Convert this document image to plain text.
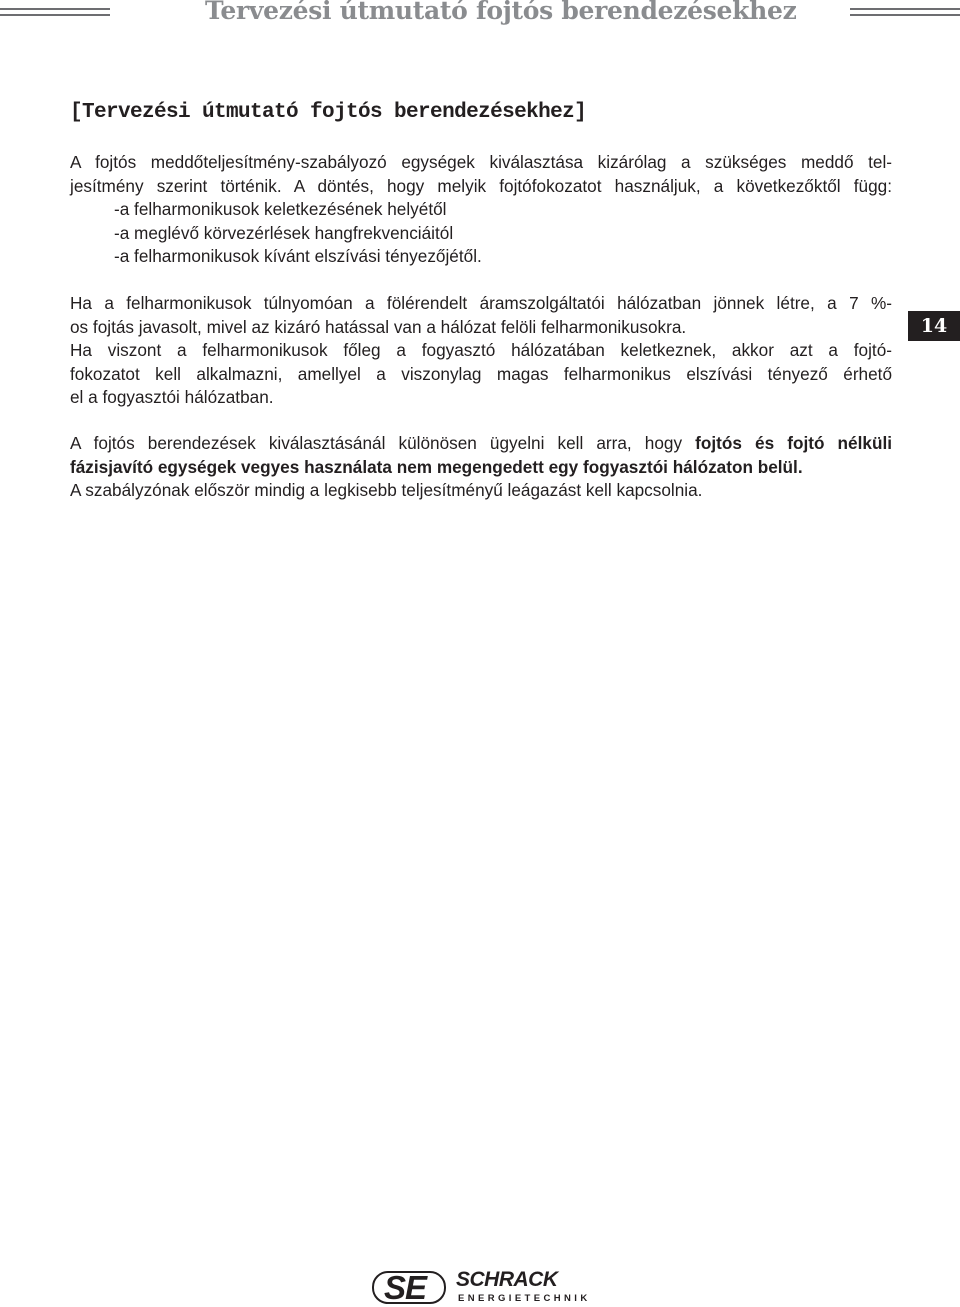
Tervezési útmutató fojtós berendezésekhez
[Tervezési útmutató fojtós berendezésekhez]
A fojtós meddőteljesítmény-szabályozó egységek kiválasztása kizárólag a szükséges meddő tel-
jesítmény szerint történik. A döntés, hogy melyik fojtófokozatot használjuk, a következőktől függ:
-a felharmonikusok keletkezésének helyétől
-a meglévő körvezérlések hangfrekvenciáitól
-a felharmonikusok kívánt elszívási tényezőjétől.
Ha a felharmonikusok túlnyomóan a fölérendelt áramszolgáltatói hálózatban jönnek létre, a 7 %-
os fojtás javasolt, mivel az kizáró hatással van a hálózat felöli felharmonikusokra.
Ha viszont a felharmonikusok főleg a fogyasztó hálózatában keletkeznek, akkor azt a fojtó-
fokozatot kell alkalmazni, amellyel a viszonylag magas felharmonikus elszívási tényező érhető
el a fogyasztói hálózatban.
A fojtós berendezések kiválasztásánál különösen ügyelni kell arra, hogy fojtós és fojtó nélküli
fázisjavító egységek vegyes használata nem megengedett egy fogyasztói hálózaton belül.
A szabályzónak először mindig a legkisebb teljesítményű leágazást kell kapcsolnia.
14
SE SCHRACK
ENERGIETECHNIK
